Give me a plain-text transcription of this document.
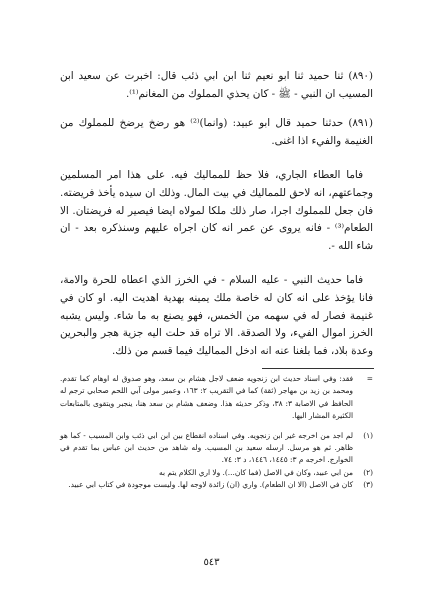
(٨٩٠) ثنا حميد ثنا ابو نعيم ثنا ابن ابي ذئب قال: اخبرت عن سعيد ابن المسيب ان النبي - ﷺ - كان يحذي المملوك من المغانم⁽¹⁾.

(٨٩١) حدثنا حميد قال ابو عبيد: (وانما)⁽²⁾ هو رضخ يرضخ للمملوك من الغنيمة والفيء اذا اغنى.

فاما العطاء الجاري، فلا حظ للمماليك فيه. على هذا امر المسلمين وجماعتهم، انه لاحق للمماليك في بيت المال. وذلك ان سيده يأخذ فريضته. فان جعل للمملوك اجرا، صار ذلك ملكا لمولاه ايضا فيصير له فريضتان. الا الطعام⁽³⁾ - فانه يروى عن عمر انه كان اجراه عليهم وسنذكره بعد - ان شاء الله -.

فاما حديث النبي - عليه السلام - في الخرز الذي اعطاه للحرة والامة، فانا يؤخذ على انه كان له خاصة ملك يمينه بهدية اهديت اليه. او كان في غنيمة فصار له في سهمه من الخمس، فهو يصنع به ما شاء. وليس يشبه الخرز اموال الفيء، ولا الصدقة. الا تراه قد حلت اليه جزية هجر والبحرين وعدة بلاد، فما بلغنا عنه انه ادخل المماليك فيما قسم من ذلك.

=
فقد: وفي اسناد حديث ابن زنجويه ضعف لاجل هشام بن سعد، وهو صدوق له اوهام كما تقدم. ومحمد بن زيد بن مهاجر (ثقة) كما في التقريب ٢: ١٦٣، وعمير مولى آبي اللحم صحابي ترجم له الحافظ في الاصابة ٣: ٣٨، وذكر حديثه هذا. وضعف هشام بن سعد هنا، ينجبر ويتقوى بالمتابعات الكثيرة المشار اليها.

(١)
لم اجد من اخرجه غير ابن زنجويه. وفي اسناده انقطاع بين ابن ابي ذئب وابن المسيب - كما هو ظاهر. ثم هو مرسل. ارسله سعيد بن المسيب. وله شاهد من حديث ابن عباس بما تقدم في الخوارج. اخرجه م ٣: ١٤٤٥، ١٤٤٦، د ٣: ٧٤.

(٢)
من ابي عبيد، وكان في الاصل (فما كان...). ولا اري الكلام يتم به

(٣)
كان في الاصل (الا ان الطعام). واري (ان) زائدة لاوجه لها. وليست موجودة في كتاب ابي عبيد.

٥٤٣
